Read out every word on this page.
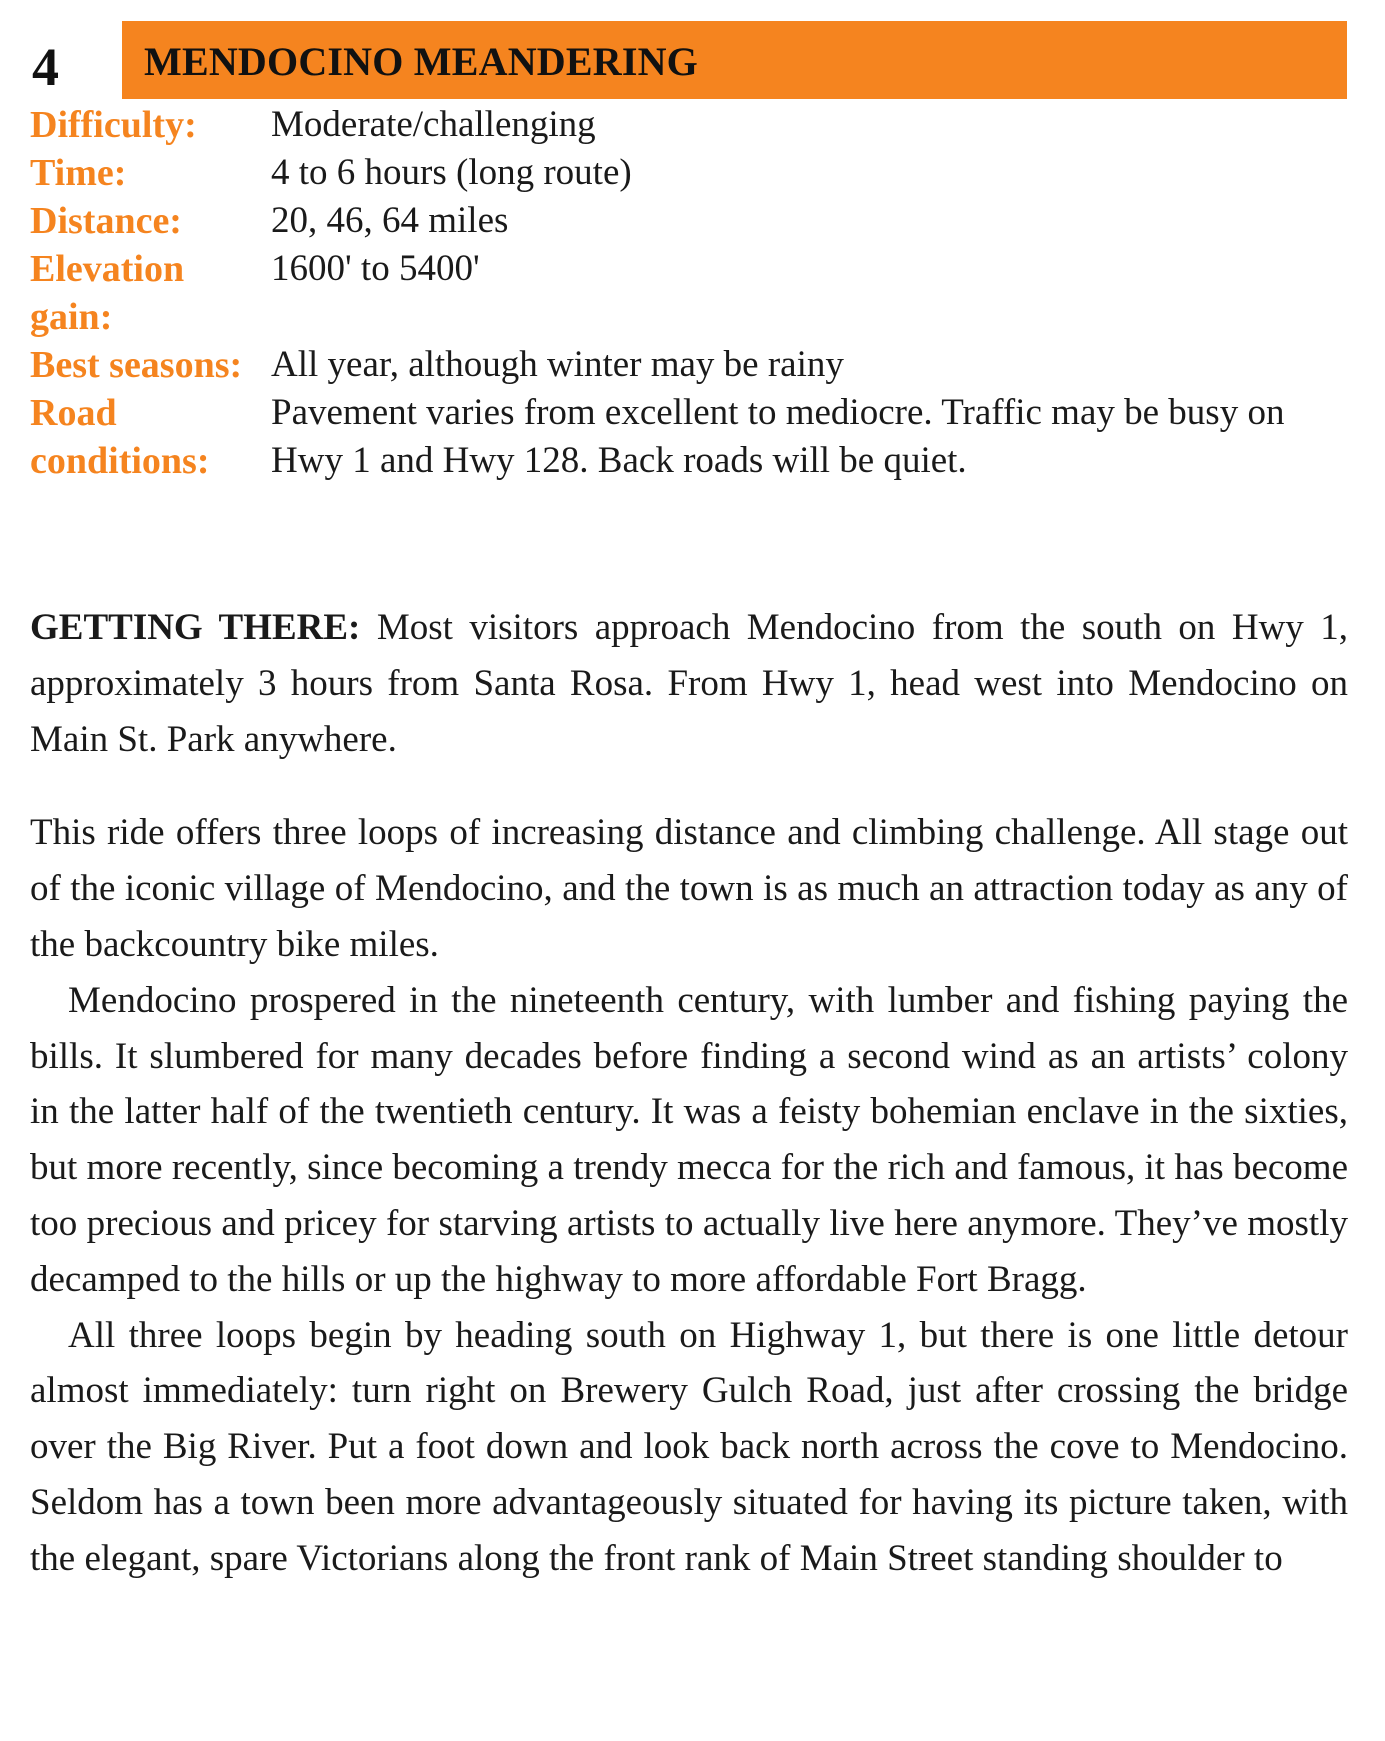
MENDOCINO MEANDERING
4
Difficulty:	Moderate/challenging
Time:	4 to 6 hours (long route)
Distance:	20, 46, 64 miles
Elevation gain:
1600' to 5400'
Best seasons: All year, although winter may be rainy
Road conditions:
Pavement varies from excellent to mediocre. Traffic may be busy on Hwy 1 and Hwy 128. Back roads will be quiet.

GETTING THERE: Most visitors approach Mendocino from the south on Hwy 1, approximately 3 hours from Santa Rosa. From Hwy 1, head west into Mendocino on Main St. Park anywhere.

This ride offers three loops of increasing distance and climbing challenge. All stage out of the iconic village of Mendocino, and the town is as much an attraction today as any of the backcountry bike miles.

Mendocino prospered in the nineteenth century, with lumber and fishing paying the bills. It slumbered for many decades before finding a second wind as an artists’ colony in the latter half of the twentieth century. It was a feisty bohemian enclave in the sixties, but more recently, since becoming a trendy mecca for the rich and famous, it has become too precious and pricey for starving artists to actually live here anymore. They’ve mostly decamped to the hills or up the highway to more affordable Fort Bragg.

All three loops begin by heading south on Highway 1, but there is one little detour almost immediately: turn right on Brewery Gulch Road, just after crossing the bridge over the Big River. Put a foot down and look back north across the cove to Mendocino. Seldom has a town been more advantageously situated for having its picture taken, with the elegant, spare Victorians along the front rank of Main Street standing shoulder to
